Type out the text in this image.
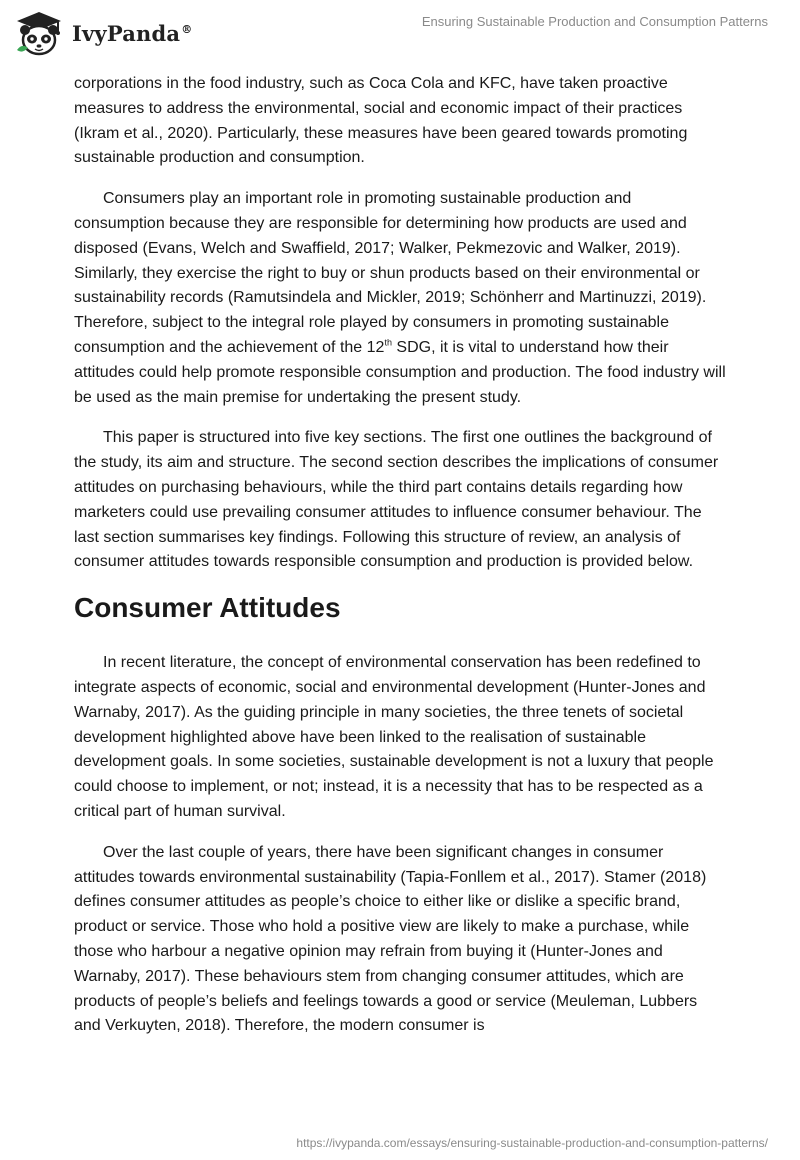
IvyPanda®	Ensuring Sustainable Production and Consumption Patterns

corporations in the food industry, such as Coca Cola and KFC, have taken proactive measures to address the environmental, social and economic impact of their practices (Ikram et al., 2020). Particularly, these measures have been geared towards promoting sustainable production and consumption.

Consumers play an important role in promoting sustainable production and consumption because they are responsible for determining how products are used and disposed (Evans, Welch and Swaffield, 2017; Walker, Pekmezovic and Walker, 2019). Similarly, they exercise the right to buy or shun products based on their environmental or sustainability records (Ramutsindela and Mickler, 2019; Schönherr and Martinuzzi, 2019). Therefore, subject to the integral role played by consumers in promoting sustainable consumption and the achievement of the 12th SDG, it is vital to understand how their attitudes could help promote responsible consumption and production. The food industry will be used as the main premise for undertaking the present study.

This paper is structured into five key sections. The first one outlines the background of the study, its aim and structure. The second section describes the implications of consumer attitudes on purchasing behaviours, while the third part contains details regarding how marketers could use prevailing consumer attitudes to influence consumer behaviour. The last section summarises key findings. Following this structure of review, an analysis of consumer attitudes towards responsible consumption and production is provided below.

Consumer Attitudes

In recent literature, the concept of environmental conservation has been redefined to integrate aspects of economic, social and environmental development (Hunter-Jones and Warnaby, 2017). As the guiding principle in many societies, the three tenets of societal development highlighted above have been linked to the realisation of sustainable development goals. In some societies, sustainable development is not a luxury that people could choose to implement, or not; instead, it is a necessity that has to be respected as a critical part of human survival.

Over the last couple of years, there have been significant changes in consumer attitudes towards environmental sustainability (Tapia-Fonllem et al., 2017). Stamer (2018) defines consumer attitudes as people’s choice to either like or dislike a specific brand, product or service. Those who hold a positive view are likely to make a purchase, while those who harbour a negative opinion may refrain from buying it (Hunter-Jones and Warnaby, 2017). These behaviours stem from changing consumer attitudes, which are products of people’s beliefs and feelings towards a good or service (Meuleman, Lubbers and Verkuyten, 2018). Therefore, the modern consumer is

https://ivypanda.com/essays/ensuring-sustainable-production-and-consumption-patterns/
